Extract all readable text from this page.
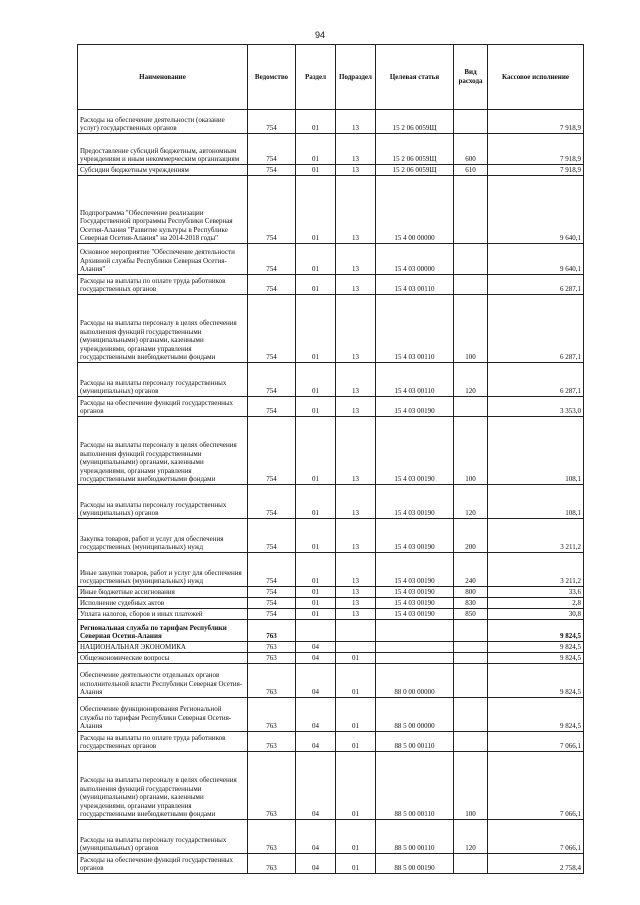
94
Наименование	Ведомство	Раздел	Подраздел	Целевая статья	Вид расхода	Кассовое исполнение
Расходы на обеспечение деятельности (оказание услуг) государственных органов	754	01	13	15 2 06 0059Щ		7 918,9
Предоставление субсидий бюджетным, автономным учреждениям и иным некоммерческим организациям	754	01	13	15 2 06 0059Щ	600	7 918,9
Субсидии бюджетным учреждениям	754	01	13	15 2 06 0059Щ	610	7 918,9
Подпрограмма "Обеспечение реализации Государственной программы Республики Северная Осетия-Алания "Развитие культуры в Республике Северная Осетия-Алания" на 2014-2018 годы"	754	01	13	15 4 00 00000		9 640,1
Основное мероприятие "Обеспечение деятельности Архивной службы Республики Северная Осетия-Алания"	754	01	13	15 4 03 00000		9 640,1
Расходы на выплаты по оплате труда работников государственных органов	754	01	13	15 4 03 00110		6 287,1
Расходы на выплаты персоналу в целях обеспечения выполнения функций государственными (муниципальными) органами, казенными учреждениями, органами управления государственными внебюджетными фондами	754	01	13	15 4 03 00110	100	6 287,1
Расходы на выплаты персоналу государственных (муниципальных) органов	754	01	13	15 4 03 00110	120	6 287,1
Расходы на обеспечение функций государственных органов	754	01	13	15 4 03 00190		3 353,0
Расходы на выплаты персоналу в целях обеспечения выполнения функций государственными (муниципальными) органами, казенными учреждениями, органами управления государственными внебюджетными фондами	754	01	13	15 4 03 00190	100	108,1
Расходы на выплаты персоналу государственных (муниципальных) органов	754	01	13	15 4 03 00190	120	108,1
Закупка товаров, работ и услуг для обеспечения государственных (муниципальных) нужд	754	01	13	15 4 03 00190	200	3 211,2
Иные закупки товаров, работ и услуг для обеспечения государственных (муниципальных) нужд	754	01	13	15 4 03 00190	240	3 211,2
Иные бюджетные ассигнования	754	01	13	15 4 03 00190	800	33,6
Исполнение судебных актов	754	01	13	15 4 03 00190	830	2,8
Уплата налогов, сборов и иных платежей	754	01	13	15 4 03 00190	850	30,8
Региональная служба по тарифам Республики Северная Осетия-Алания	763					9 824,5
НАЦИОНАЛЬНАЯ ЭКОНОМИКА	763	04				9 824,5
Общеэкономические вопросы	763	04	01			9 824,5
Обеспечение деятельности отдельных органов исполнительной власти Республики Северная Осетия-Алания	763	04	01	88 0 00 00000		9 824,5
Обеспечение функционирования Региональной службы по тарифам Республики Северная Осетия-Алания	763	04	01	88 5 00 00000		9 824,5
Расходы на выплаты по оплате труда работников государственных органов	763	04	01	88 5 00 00110		7 066,1
Расходы на выплаты персоналу в целях обеспечения выполнения функций государственными (муниципальными) органами, казенными учреждениями, органами управления государственными внебюджетными фондами	763	04	01	88 5 00 00110	100	7 066,1
Расходы на выплаты персоналу государственных (муниципальных) органов	763	04	01	88 5 00 00110	120	7 066,1
Расходы на обеспечение функций государственных органов	763	04	01	88 5 00 00190		2 758,4
